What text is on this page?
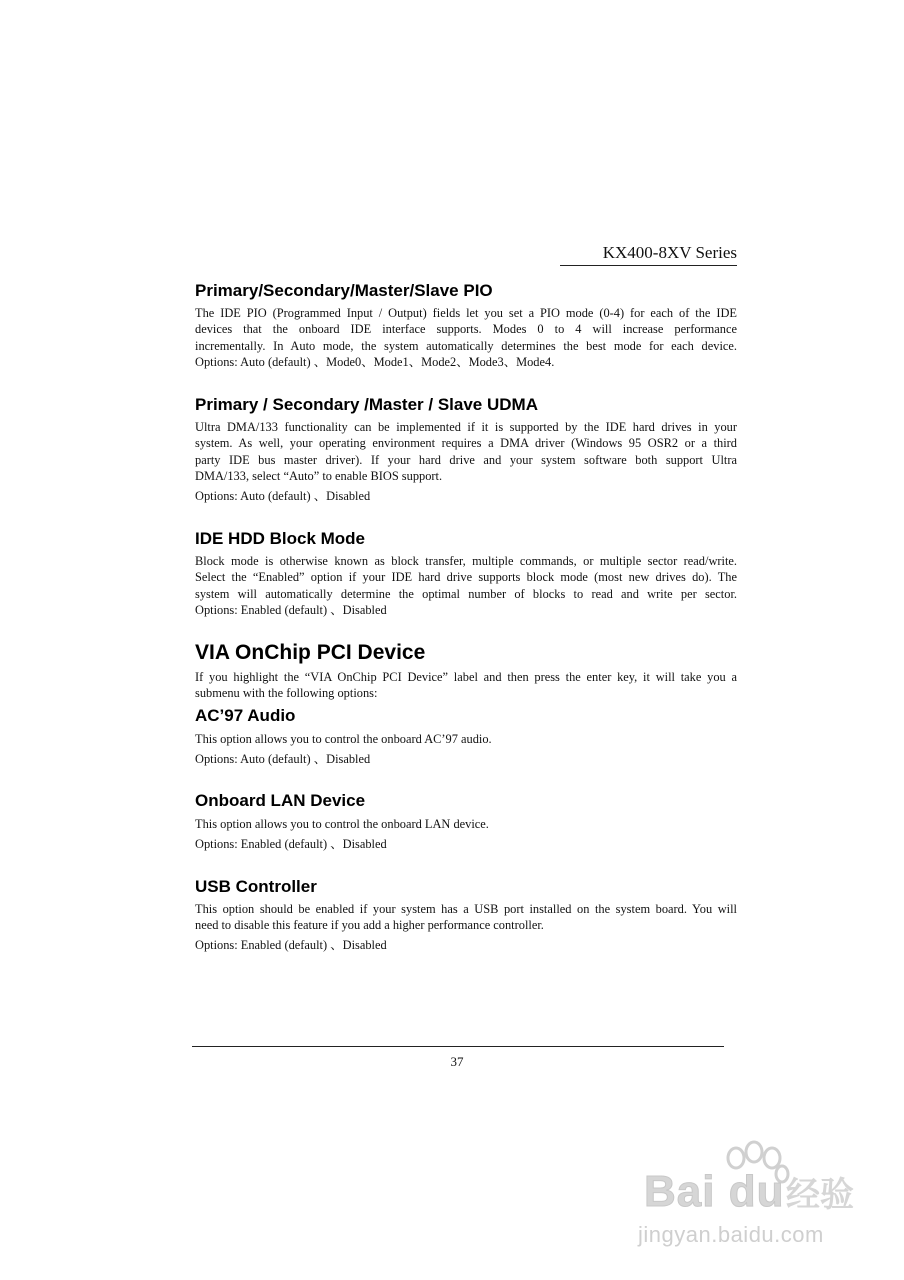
KX400-8XV Series
Primary/Secondary/Master/Slave PIO
The IDE PIO (Programmed Input / Output) fields let you set a PIO mode (0-4) for each of the IDE
devices that the onboard IDE interface supports. Modes 0 to 4 will increase performance
incrementally. In Auto mode, the system automatically determines the best mode for each device.
Options: Auto (default) 、Mode0、Mode1、Mode2、Mode3、Mode4.
Primary / Secondary /Master / Slave UDMA
Ultra DMA/133 functionality can be implemented if it is supported by the IDE hard drives in your
system. As well, your operating environment requires a DMA driver (Windows 95 OSR2 or a third
party IDE bus master driver). If your hard drive and your system software both support Ultra
DMA/133, select “Auto” to enable BIOS support.
Options: Auto (default) 、Disabled
IDE HDD Block Mode
Block mode is otherwise known as block transfer, multiple commands, or multiple sector read/write.
Select the “Enabled” option if your IDE hard drive supports block mode (most new drives do). The
system will automatically determine the optimal number of blocks to read and write per sector.
Options: Enabled (default) 、Disabled
VIA OnChip PCI Device
If you highlight the “VIA OnChip PCI Device” label and then press the enter key, it will take you a
submenu with the following options:
AC’97 Audio
This option allows you to control the onboard AC’97 audio.
Options: Auto (default) 、Disabled
Onboard LAN Device
This option allows you to control the onboard LAN device.
Options: Enabled (default) 、Disabled
USB Controller
This option should be enabled if your system has a USB port installed on the system board. You will
need to disable this feature if you add a higher performance controller.
Options: Enabled (default) 、Disabled
37
Bai du 经验
jingyan.baidu.com
